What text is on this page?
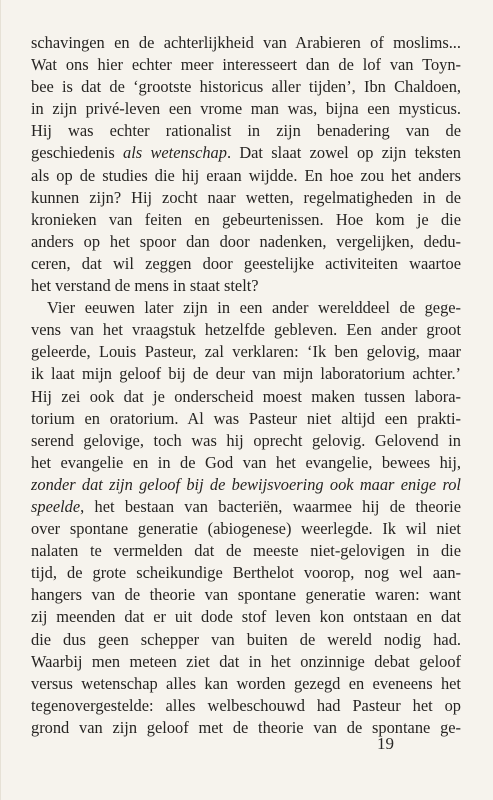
schavingen en de achterlijkheid van Arabieren of moslims...
Wat ons hier echter meer interesseert dan de lof van Toyn-
bee is dat de ‘grootste historicus aller tijden’, Ibn Chaldoen,
in zijn privé-leven een vrome man was, bijna een mysticus.
Hij was echter rationalist in zijn benadering van de
geschiedenis als wetenschap. Dat slaat zowel op zijn teksten
als op de studies die hij eraan wijdde. En hoe zou het anders
kunnen zijn? Hij zocht naar wetten, regelmatigheden in de
kronieken van feiten en gebeurtenissen. Hoe kom je die
anders op het spoor dan door nadenken, vergelijken, dedu-
ceren, dat wil zeggen door geestelijke activiteiten waartoe
het verstand de mens in staat stelt?
Vier eeuwen later zijn in een ander werelddeel de gege-
vens van het vraagstuk hetzelfde gebleven. Een ander groot
geleerde, Louis Pasteur, zal verklaren: ‘Ik ben gelovig, maar
ik laat mijn geloof bij de deur van mijn laboratorium achter.’
Hij zei ook dat je onderscheid moest maken tussen labora-
torium en oratorium. Al was Pasteur niet altijd een prakti-
serend gelovige, toch was hij oprecht gelovig. Gelovend in
het evangelie en in de God van het evangelie, bewees hij,
zonder dat zijn geloof bij de bewijsvoering ook maar enige rol
speelde, het bestaan van bacteriën, waarmee hij de theorie
over spontane generatie (abiogenese) weerlegde. Ik wil niet
nalaten te vermelden dat de meeste niet-gelovigen in die
tijd, de grote scheikundige Berthelot voorop, nog wel aan-
hangers van de theorie van spontane generatie waren: want
zij meenden dat er uit dode stof leven kon ontstaan en dat
die dus geen schepper van buiten de wereld nodig had.
Waarbij men meteen ziet dat in het onzinnige debat geloof
versus wetenschap alles kan worden gezegd en eveneens het
tegenovergestelde: alles welbeschouwd had Pasteur het op
grond van zijn geloof met de theorie van de spontane ge-
19
